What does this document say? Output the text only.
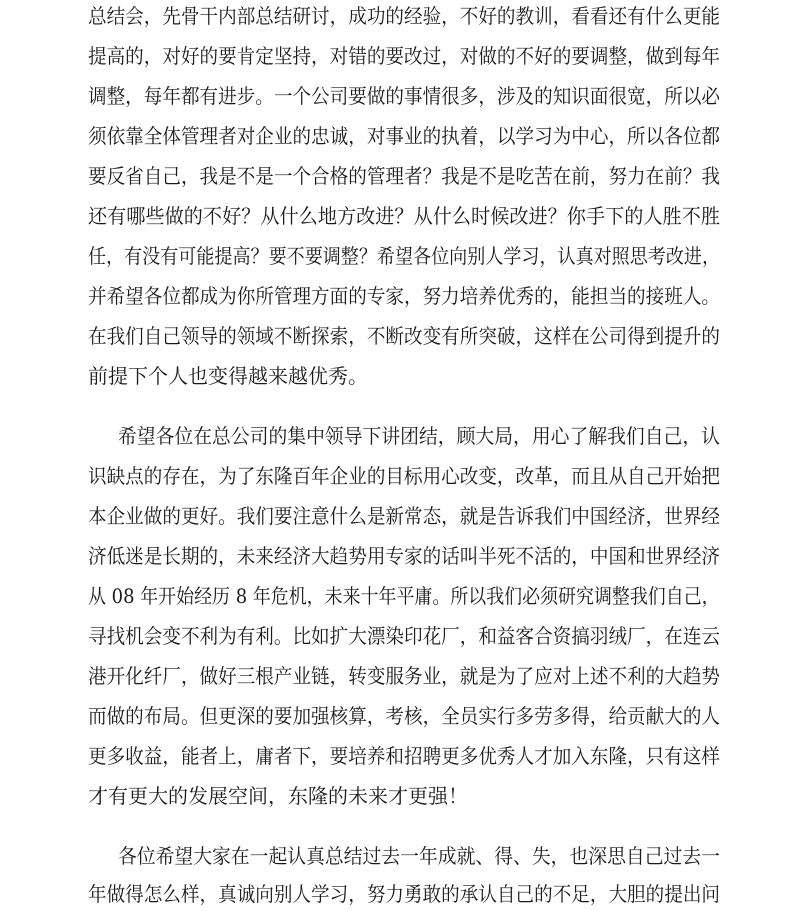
总结会，先骨干内部总结研讨，成功的经验，不好的教训，看看还有什么更能
提高的，对好的要肯定坚持，对错的要改过，对做的不好的要调整，做到每年
调整，每年都有进步。一个公司要做的事情很多，涉及的知识面很宽，所以必
须依靠全体管理者对企业的忠诚，对事业的执着，以学习为中心，所以各位都
要反省自己，我是不是一个合格的管理者？我是不是吃苦在前，努力在前？我
还有哪些做的不好？从什么地方改进？从什么时候改进？你手下的人胜不胜
任，有没有可能提高？要不要调整？希望各位向别人学习，认真对照思考改进，
并希望各位都成为你所管理方面的专家，努力培养优秀的，能担当的接班人。
在我们自己领导的领域不断探索，不断改变有所突破，这样在公司得到提升的
前提下个人也变得越来越优秀。
希望各位在总公司的集中领导下讲团结，顾大局，用心了解我们自己，认
识缺点的存在，为了东隆百年企业的目标用心改变，改革，而且从自己开始把
本企业做的更好。我们要注意什么是新常态，就是告诉我们中国经济，世界经
济低迷是长期的，未来经济大趋势用专家的话叫半死不活的，中国和世界经济
从 08 年开始经历 8 年危机，未来十年平庸。所以我们必须研究调整我们自己，
寻找机会变不利为有利。比如扩大漂染印花厂，和益客合资搞羽绒厂，在连云
港开化纤厂，做好三根产业链，转变服务业，就是为了应对上述不利的大趋势
而做的布局。但更深的要加强核算，考核，全员实行多劳多得，给贡献大的人
更多收益，能者上，庸者下，要培养和招聘更多优秀人才加入东隆，只有这样
才有更大的发展空间，东隆的未来才更强！
各位希望大家在一起认真总结过去一年成就、得、失，也深思自己过去一
年做得怎么样，真诚向别人学习，努力勇敢的承认自己的不足，大胆的提出问
